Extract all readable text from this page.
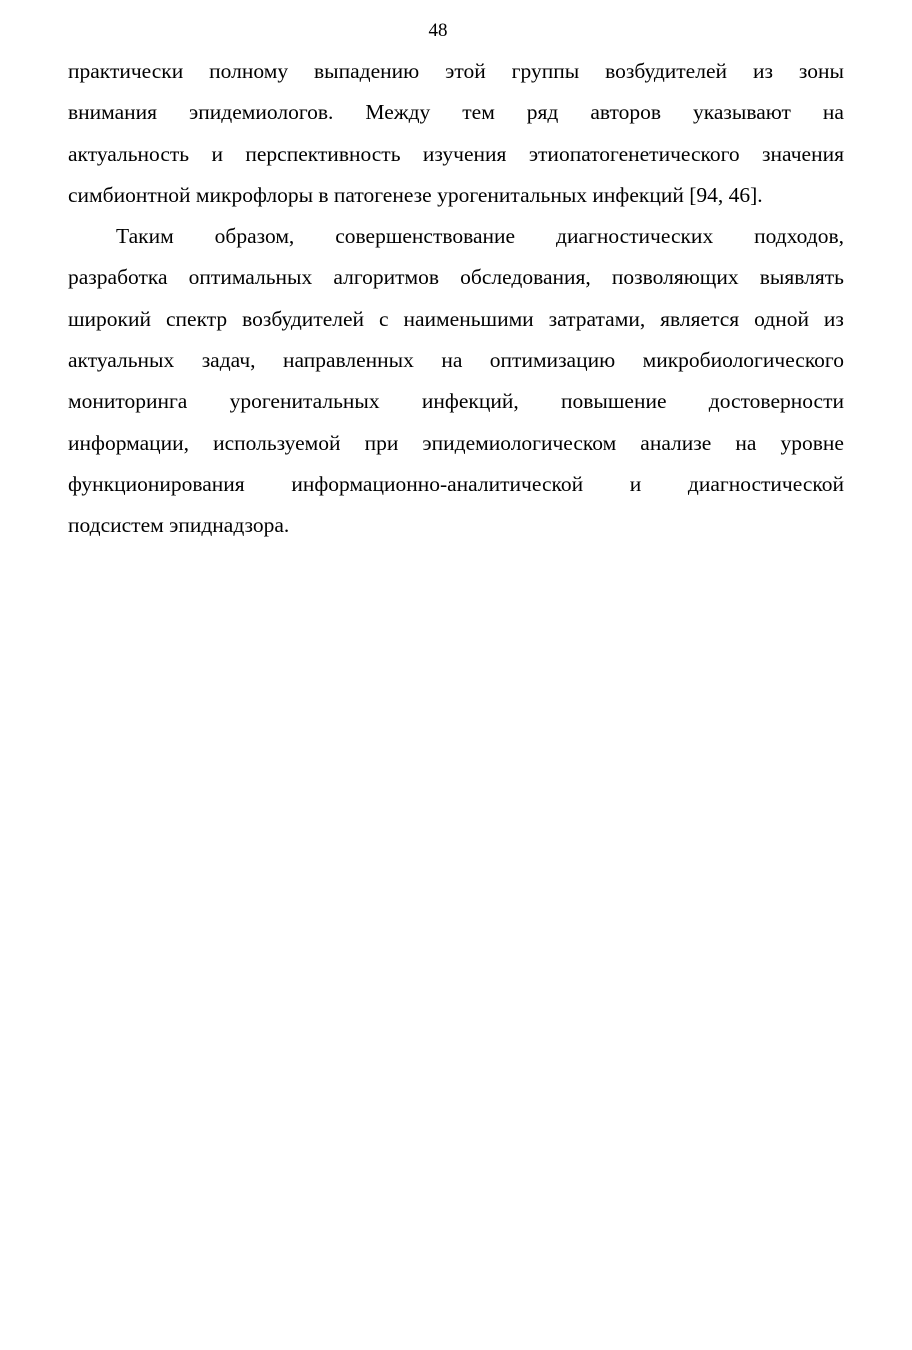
48
практически полному выпадению этой группы возбудителей из зоны
внимания эпидемиологов. Между тем ряд авторов указывают на
актуальность и перспективность изучения этиопатогенетического значения
симбионтной микрофлоры в патогенезе урогенитальных инфекций [94, 46].
Таким образом, совершенствование диагностических подходов,
разработка оптимальных алгоритмов обследования, позволяющих выявлять
широкий спектр возбудителей с наименьшими затратами, является одной из
актуальных задач, направленных на оптимизацию микробиологического
мониторинга урогенитальных инфекций, повышение достоверности
информации, используемой при эпидемиологическом анализе на уровне
функционирования информационно-аналитической и диагностической
подсистем эпиднадзора.
